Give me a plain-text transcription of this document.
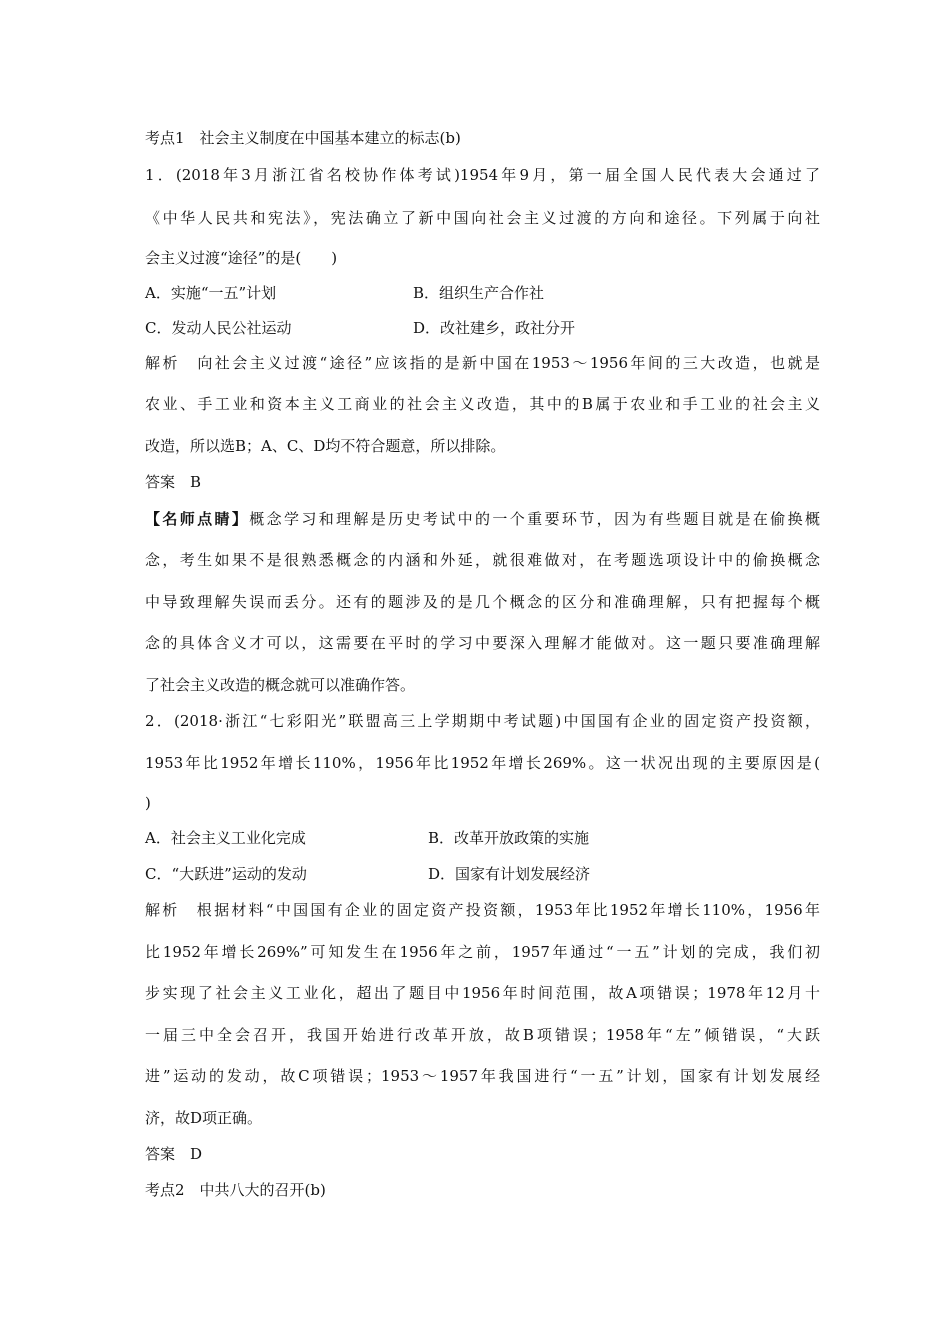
考点1　社会主义制度在中国基本建立的标志(b)
1．(2018年3月浙江省名校协作体考试)1954年9月，第一届全国人民代表大会通过了
《中华人民共和宪法》，宪法确立了新中国向社会主义过渡的方向和途径。下列属于向社
会主义过渡“途径”的是(　　)
A．实施“一五”计划	B．组织生产合作社
C．发动人民公社运动	D．改社建乡，政社分开
解析　向社会主义过渡“途径”应该指的是新中国在1953～1956年间的三大改造，也就是
农业、手工业和资本主义工商业的社会主义改造，其中的B属于农业和手工业的社会主义
改造，所以选B；A、C、D均不符合题意，所以排除。
答案　B
【名师点睛】概念学习和理解是历史考试中的一个重要环节，因为有些题目就是在偷换概
念，考生如果不是很熟悉概念的内涵和外延，就很难做对，在考题选项设计中的偷换概念
中导致理解失误而丢分。还有的题涉及的是几个概念的区分和准确理解，只有把握每个概
念的具体含义才可以，这需要在平时的学习中要深入理解才能做对。这一题只要准确理解
了社会主义改造的概念就可以准确作答。
2．(2018·浙江“七彩阳光”联盟高三上学期期中考试题)中国国有企业的固定资产投资额，
1953年比1952年增长110%，1956年比1952年增长269%。这一状况出现的主要原因是(
)
A．社会主义工业化完成	B．改革开放政策的实施
C．“大跃进”运动的发动	D．国家有计划发展经济
解析　根据材料“中国国有企业的固定资产投资额，1953年比1952年增长110%，1956年
比1952年增长269%”可知发生在1956年之前，1957年通过“一五”计划的完成，我们初
步实现了社会主义工业化，超出了题目中1956年时间范围，故A项错误；1978年12月十
一届三中全会召开，我国开始进行改革开放，故B项错误；1958年“左”倾错误，“大跃
进”运动的发动，故C项错误；1953～1957年我国进行“一五”计划，国家有计划发展经
济，故D项正确。
答案　D
考点2　中共八大的召开(b)
